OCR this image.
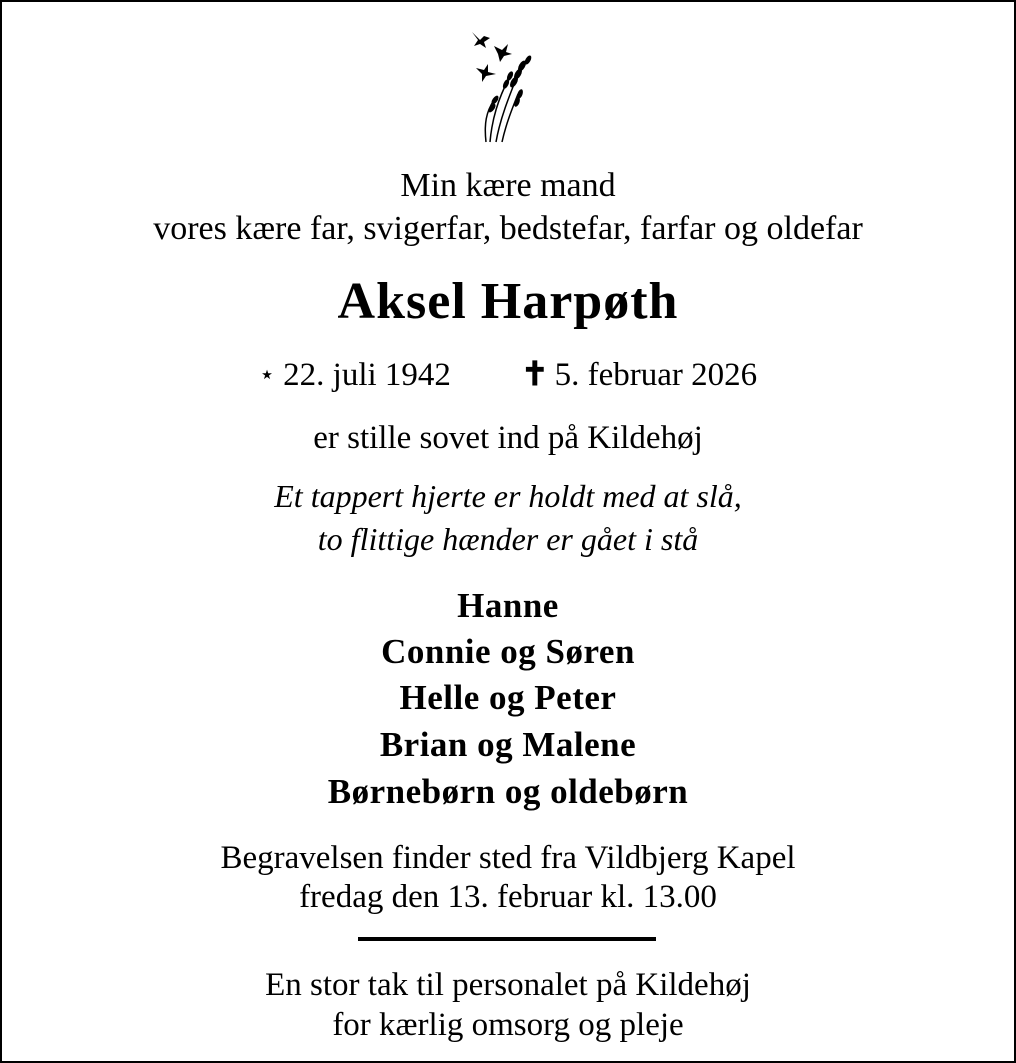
Min kære mand
vores kære far, svigerfar, bedstefar, farfar og oldefar
Aksel Harpøth
⋆ 22. juli 1942 ✝ 5. februar 2026
er stille sovet ind på Kildehøj
Et tappert hjerte er holdt med at slå,
to flittige hænder er gået i stå
Hanne
Connie og Søren
Helle og Peter
Brian og Malene
Børnebørn og oldebørn
Begravelsen finder sted fra Vildbjerg Kapel
fredag den 13. februar kl. 13.00
En stor tak til personalet på Kildehøj
for kærlig omsorg og pleje
